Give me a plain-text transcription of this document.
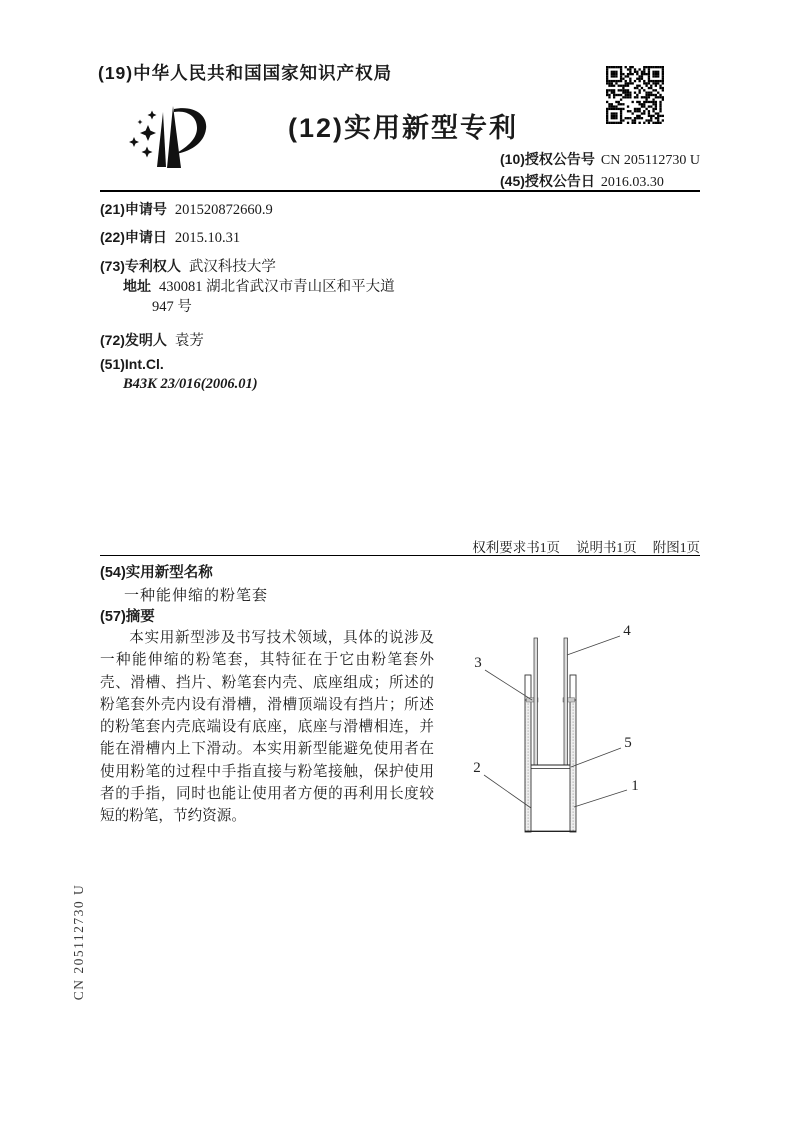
(19)中华人民共和国国家知识产权局
(12)实用新型专利
(10)授权公告号 CN 205112730 U
(45)授权公告日 2016.03.30
(21)申请号 201520872660.9
(22)申请日 2015.10.31
(73)专利权人 武汉科技大学
地址 430081 湖北省武汉市青山区和平大道
947 号
(72)发明人 袁芳
(51)Int.Cl.
B43K 23/016(2006.01)
权利要求书1页 说明书1页 附图1页
(54)实用新型名称
一种能伸缩的粉笔套
(57)摘要
本实用新型涉及书写技术领域，具体的说涉及一种能伸缩的粉笔套，其特征在于它由粉笔套外壳、滑槽、挡片、粉笔套内壳、底座组成；所述的粉笔套外壳内设有滑槽，滑槽顶端设有挡片；所述的粉笔套内壳底端设有底座，底座与滑槽相连，并能在滑槽内上下滑动。本实用新型能避免使用者在使用粉笔的过程中手指直接与粉笔接触，保护使用者的手指，同时也能让使用者方便的再利用长度较短的粉笔，节约资源。
4
3
5
2
1
CN 205112730 U
